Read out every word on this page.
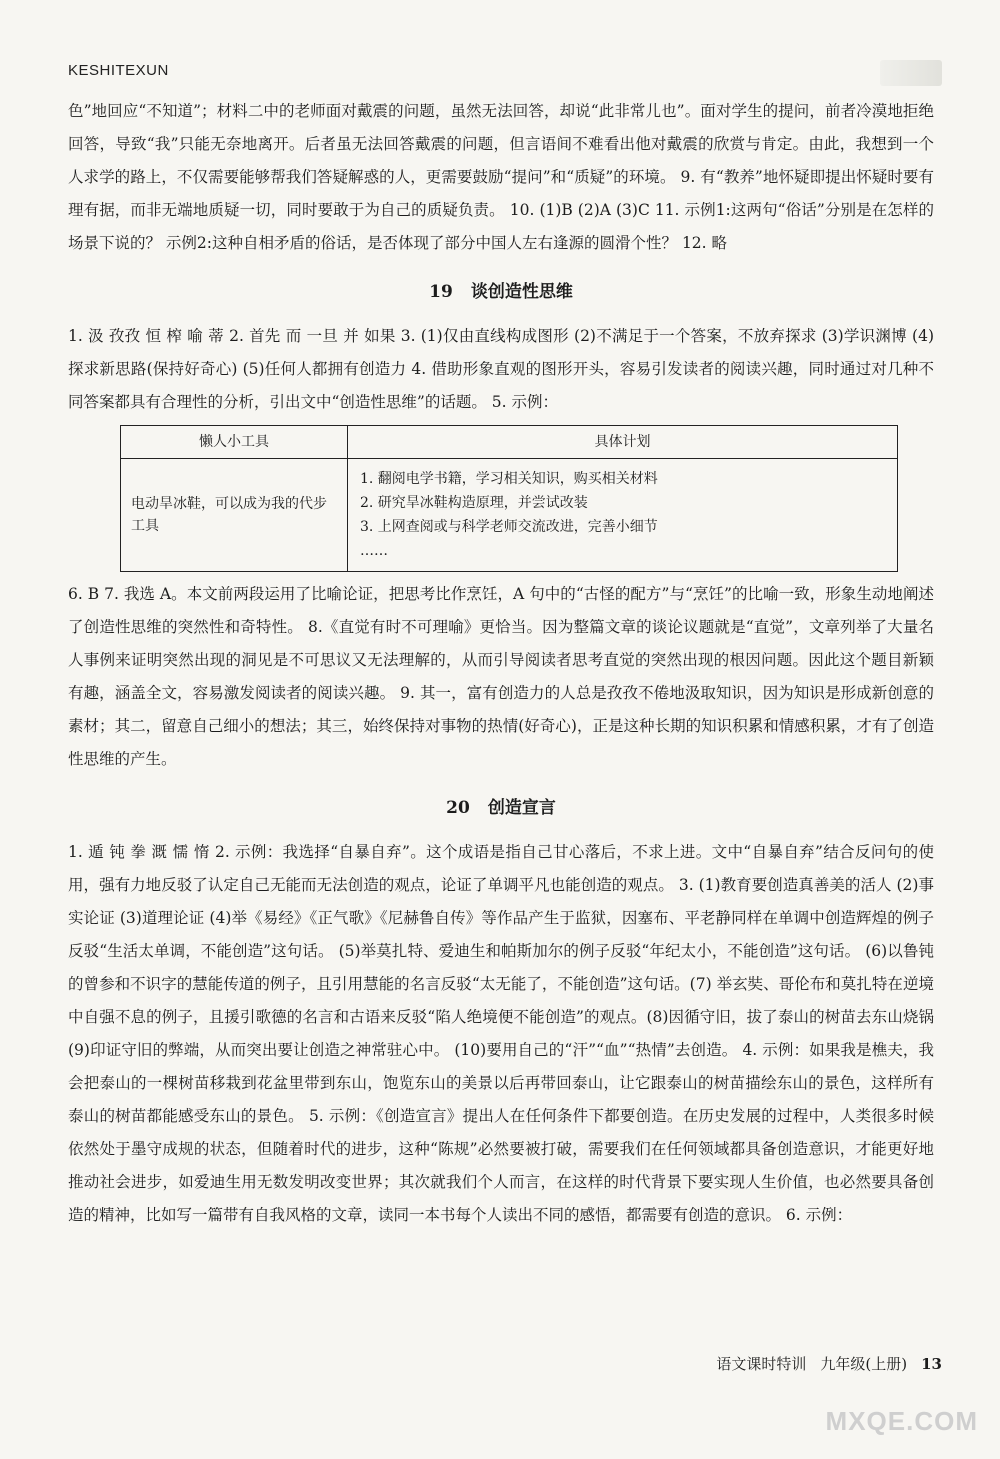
KESHITEXUN

色”地回应“不知道”；材料二中的老师面对戴震的问题，虽然无法回答，却说“此非常儿也”。面对学生的提问，前者冷漠地拒绝回答，导致“我”只能无奈地离开。后者虽无法回答戴震的问题，但言语间不难看出他对戴震的欣赏与肯定。由此，我想到一个人求学的路上，不仅需要能够帮我们答疑解惑的人，更需要鼓励“提问”和“质疑”的环境。 9. 有“教养”地怀疑即提出怀疑时要有理有据，而非无端地质疑一切，同时要敢于为自己的质疑负责。 10. (1)B (2)A (3)C 11. 示例1:这两句“俗话”分别是在怎样的场景下说的？ 示例2:这种自相矛盾的俗话，是否体现了部分中国人左右逢源的圆滑个性？ 12. 略

19 谈创造性思维

1. 汲 孜孜 恒 榨 喻 蒂 2. 首先 而 一旦 并 如果 3. (1)仅由直线构成图形 (2)不满足于一个答案，不放弃探求 (3)学识渊博 (4)探求新思路(保持好奇心) (5)任何人都拥有创造力 4. 借助形象直观的图形开头，容易引发读者的阅读兴趣，同时通过对几种不同答案都具有合理性的分析，引出文中“创造性思维”的话题。 5. 示例：

懒人小工具	具体计划
电动旱冰鞋，可以成为我的代步工具	1. 翻阅电学书籍，学习相关知识，购买相关材料
2. 研究旱冰鞋构造原理，并尝试改装
3. 上网查阅或与科学老师交流改进，完善小细节
……

6. B 7. 我选 A。本文前两段运用了比喻论证，把思考比作烹饪，A 句中的“古怪的配方”与“烹饪”的比喻一致，形象生动地阐述了创造性思维的突然性和奇特性。 8.《直觉有时不可理喻》更恰当。因为整篇文章的谈论议题就是“直觉”，文章列举了大量名人事例来证明突然出现的洞见是不可思议又无法理解的，从而引导阅读者思考直觉的突然出现的根因问题。因此这个题目新颖有趣，涵盖全文，容易激发阅读者的阅读兴趣。 9. 其一，富有创造力的人总是孜孜不倦地汲取知识，因为知识是形成新创意的素材；其二，留意自己细小的想法；其三，始终保持对事物的热情(好奇心)，正是这种长期的知识积累和情感积累，才有了创造性思维的产生。

20 创造宣言

1. 遁 钝 拳 溉 懦 惰 2. 示例：我选择“自暴自弃”。这个成语是指自己甘心落后，不求上进。文中“自暴自弃”结合反问句的使用，强有力地反驳了认定自己无能而无法创造的观点，论证了单调平凡也能创造的观点。 3. (1)教育要创造真善美的活人 (2)事实论证 (3)道理论证 (4)举《易经》《正气歌》《尼赫鲁自传》等作品产生于监狱，因塞布、平老静同样在单调中创造辉煌的例子反驳“生活太单调，不能创造”这句话。 (5)举莫扎特、爱迪生和帕斯加尔的例子反驳“年纪太小，不能创造”这句话。 (6)以鲁钝的曾参和不识字的慧能传道的例子，且引用慧能的名言反驳“太无能了，不能创造”这句话。(7) 举玄奘、哥伦布和莫扎特在逆境中自强不息的例子，且援引歌德的名言和古语来反驳“陷人绝境便不能创造”的观点。(8)因循守旧，拔了泰山的树苗去东山烧锅 (9)印证守旧的弊端，从而突出要让创造之神常驻心中。 (10)要用自己的“汗”“血”“热情”去创造。 4. 示例：如果我是樵夫，我会把泰山的一棵树苗移栽到花盆里带到东山，饱览东山的美景以后再带回泰山，让它跟泰山的树苗描绘东山的景色，这样所有泰山的树苗都能感受东山的景色。 5. 示例：《创造宣言》提出人在任何条件下都要创造。在历史发展的过程中，人类很多时候依然处于墨守成规的状态，但随着时代的进步，这种“陈规”必然要被打破，需要我们在任何领域都具备创造意识，才能更好地推动社会进步，如爱迪生用无数发明改变世界；其次就我们个人而言，在这样的时代背景下要实现人生价值，也必然要具备创造的精神，比如写一篇带有自我风格的文章，读同一本书每个人读出不同的感悟，都需要有创造的意识。 6. 示例：

语文课时特训 九年级(上册) 13
MXQE.COM
